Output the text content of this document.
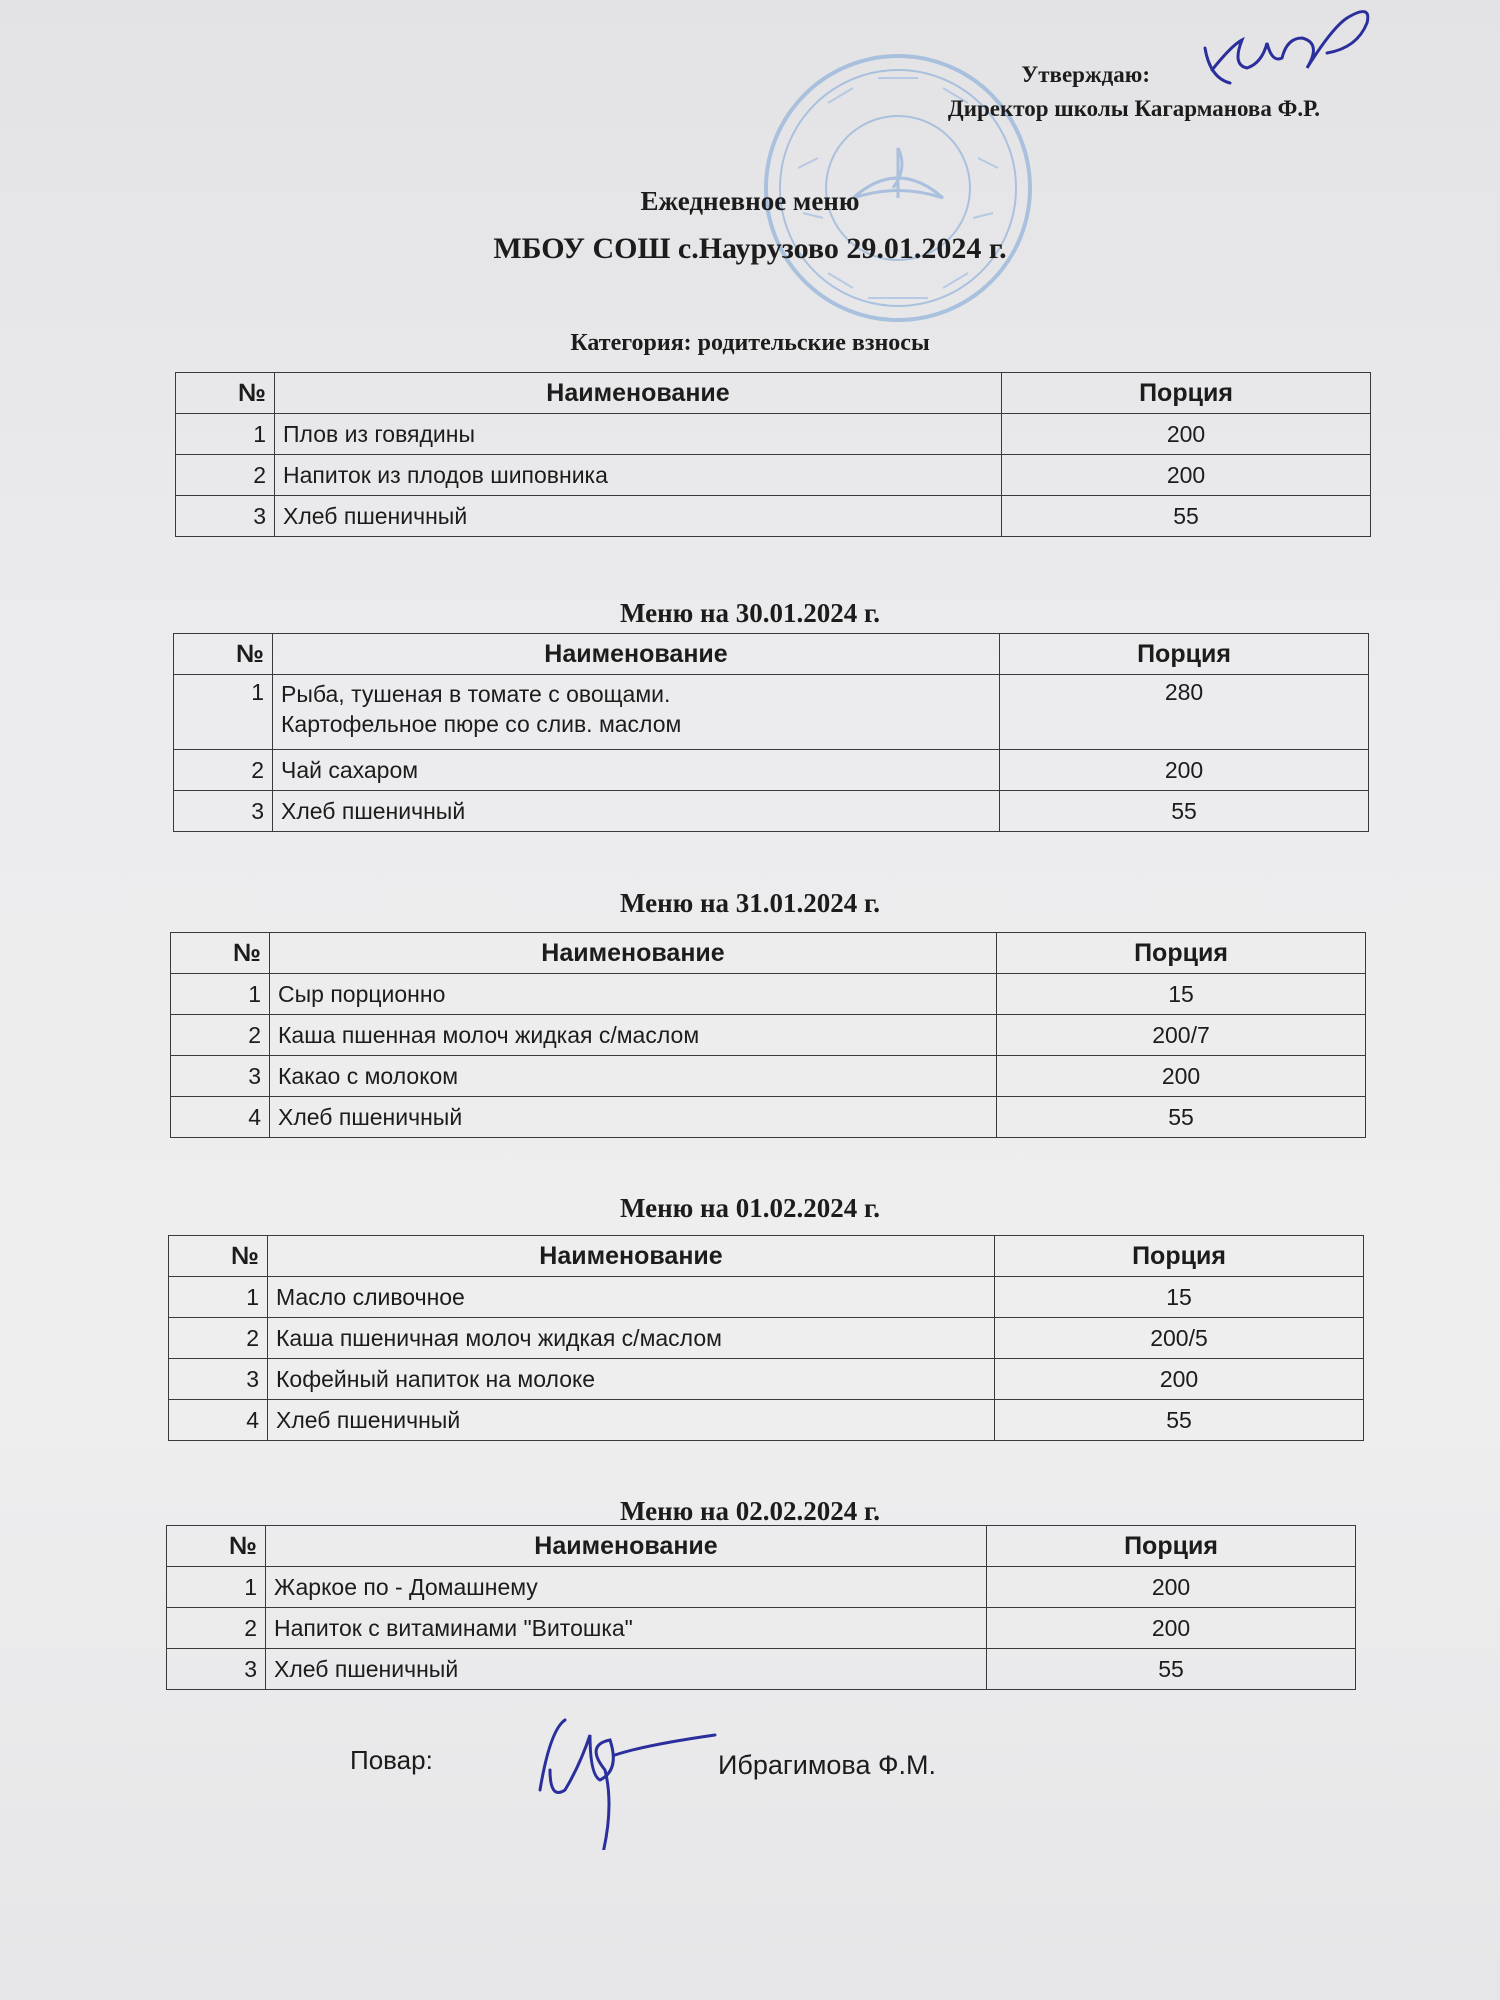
Утверждаю:
Директор школы Кагарманова Ф.Р.
Ежедневное меню
МБОУ СОШ с.Наурузово 29.01.2024 г.
Категория: родительские взносы
№	Наименование	Порция
1	Плов из говядины	200
2	Напиток из плодов шиповника	200
3	Хлеб пшеничный	55
Меню на 30.01.2024 г.
№	Наименование	Порция
1	Рыба, тушеная в томате с овощами.
Картофельное пюре со слив. маслом	280
2	Чай сахаром	200
3	Хлеб пшеничный	55
Меню на 31.01.2024 г.
№	Наименование	Порция
1	Сыр порционно	15
2	Каша пшенная молоч жидкая с/маслом	200/7
3	Какао с молоком	200
4	Хлеб пшеничный	55
Меню на 01.02.2024 г.
№	Наименование	Порция
1	Масло сливочное	15
2	Каша пшеничная молоч жидкая с/маслом	200/5
3	Кофейный напиток на молоке	200
4	Хлеб пшеничный	55
Меню на 02.02.2024 г.
№	Наименование	Порция
1	Жаркое по - Домашнему	200
2	Напиток с витаминами "Витошка"	200
3	Хлеб пшеничный	55
Повар:	Ибрагимова Ф.М.
